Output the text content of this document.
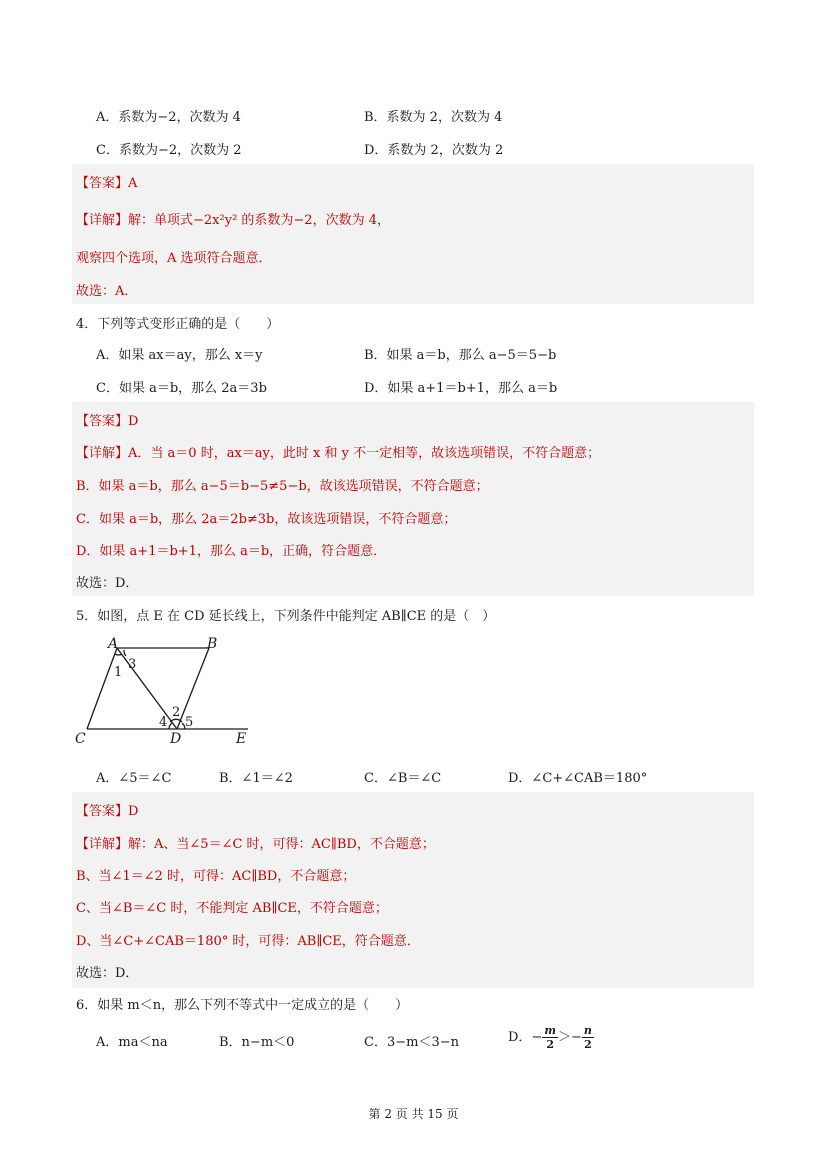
A．系数为−2，次数为 4	B．系数为 2，次数为 4
C．系数为−2，次数为 2	D．系数为 2，次数为 2
【答案】A
【详解】解：单项式−2x²y² 的系数为−2，次数为 4，
观察四个选项，A 选项符合题意．
故选：A．
4．下列等式变形正确的是（　　）
A．如果 ax＝ay，那么 x＝y	B．如果 a＝b，那么 a−5＝5−b
C．如果 a＝b，那么 2a＝3b	D．如果 a+1＝b+1，那么 a＝b
【答案】D
【详解】A．当 a＝0 时，ax＝ay，此时 x 和 y 不一定相等，故该选项错误，不符合题意；
B．如果 a＝b，那么 a−5＝b−5≠5−b，故该选项错误，不符合题意；
C．如果 a＝b，那么 2a＝2b≠3b，故该选项错误，不符合题意；
D．如果 a+1＝b+1，那么 a＝b，正确，符合题意．
故选：D．
5．如图，点 E 在 CD 延长线上，下列条件中能判定 AB∥CE 的是（　）
A	B
C	D	E
1
3
2
4 5
A．∠5＝∠C	B．∠1＝∠2	C．∠B＝∠C	D．∠C+∠CAB＝180°
【答案】D
【详解】解：A、当∠5＝∠C 时，可得：AC∥BD，不合题意；
B、当∠1＝∠2 时，可得：AC∥BD，不合题意；
C、当∠B＝∠C 时，不能判定 AB∥CE，不符合题意；
D、当∠C+∠CAB＝180° 时，可得：AB∥CE，符合题意．
故选：D．
6．如果 m＜n，那么下列不等式中一定成立的是（　　）
A．ma＜na	B．n−m＜0	C．3−m＜3−n	D．− $\frac{m}{2} >- \frac{n}{2}$
第 2 页 共 15 页
